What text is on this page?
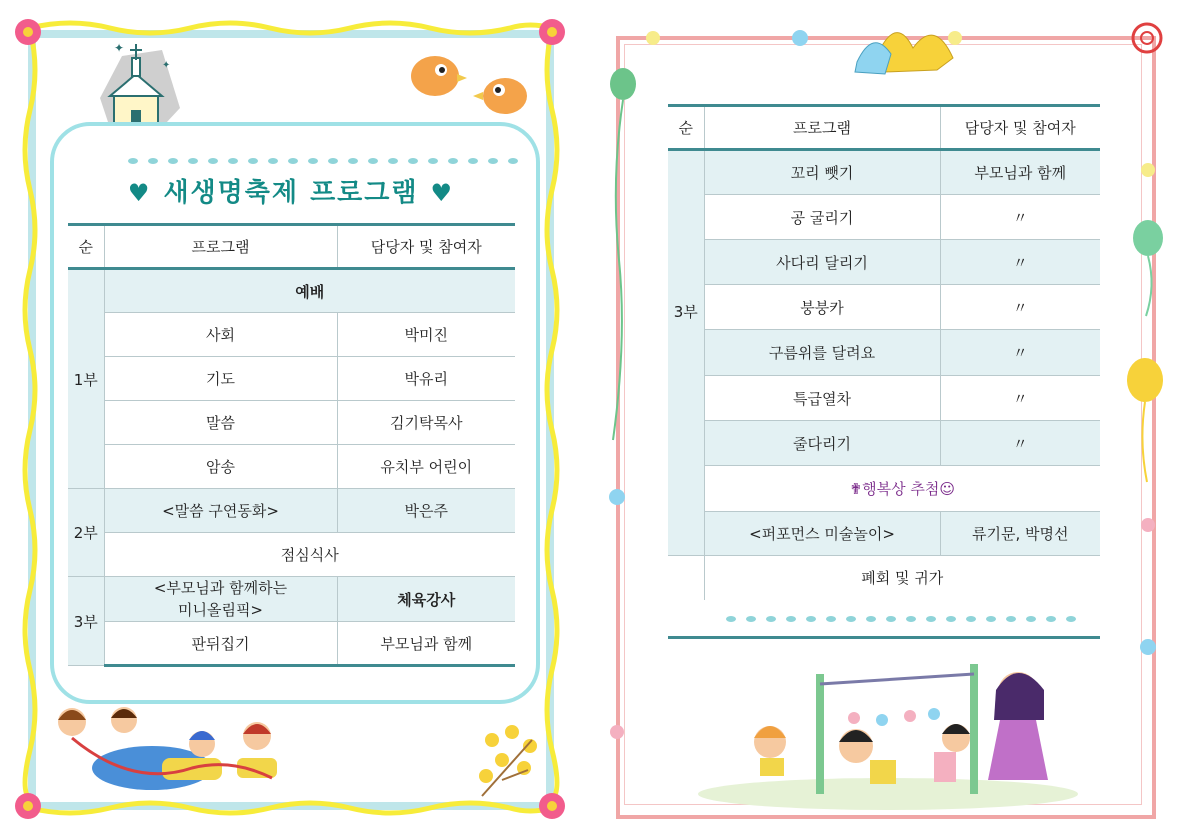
✦
✦
♥ 새생명축제 프로그램 ♥
순	프로그램	담당자 및 참여자
1부	예배	
	사회	박미진
	기도	박유리
	말씀	김기탁목사
	암송	유치부 어린이
2부	<말씀 구연동화>	박은주
	점심식사	
3부	<부모님과 함께하는
미니올림픽>	체육강사
	판뒤집기	부모님과 함께
순	프로그램	담당자 및 참여자
3부	꼬리 뺏기	부모님과 함께
	공 굴리기	〃
	사다리 달리기	〃
	붕붕카	〃
	구름위를 달려요	〃
	특급열차	〃
	줄다리기	〃
	✟행복상 추첨☺	
	<퍼포먼스 미술놀이>	류기문, 박명선
	폐회 및 귀가	
